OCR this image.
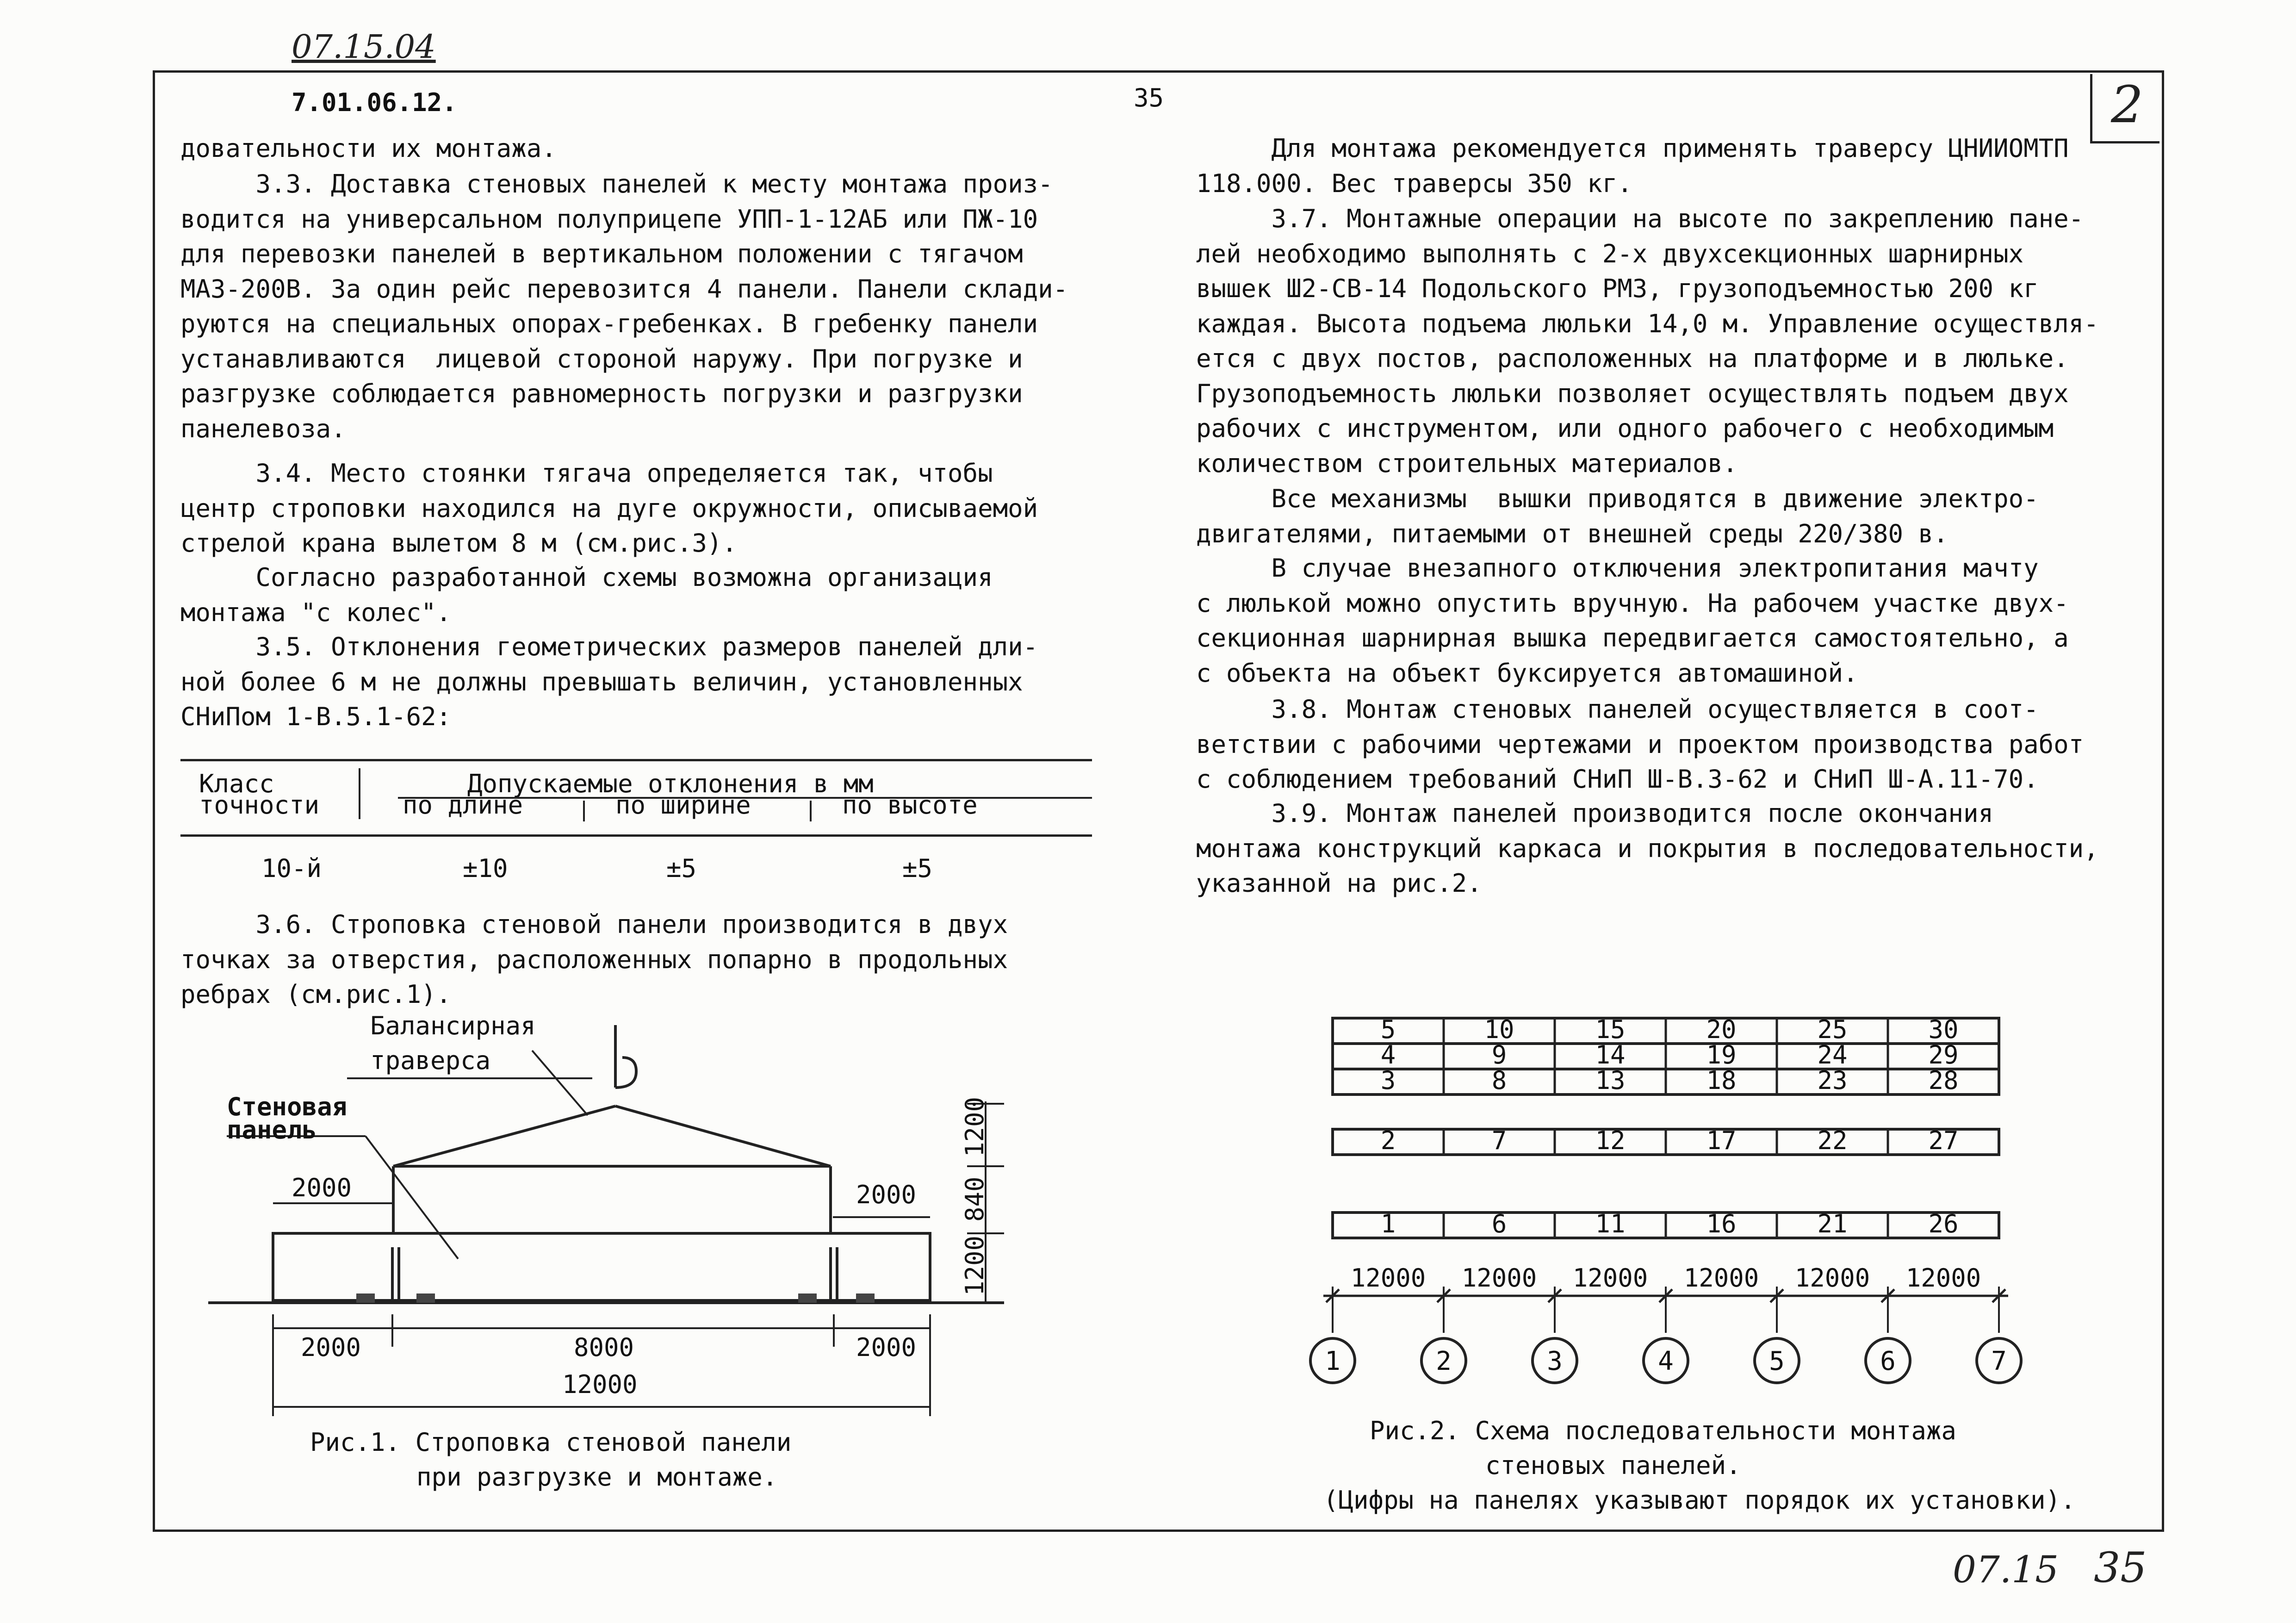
07.15.04
07.15 35
2
7.01.06.12.	35
довательности их монтажа.
3.3. Доставка стеновых панелей к месту монтажа произ-
водится на универсальном полуприцепе УПП-1-12АБ или ПЖ-10
для перевозки панелей в вертикальном положении с тягачом
МАЗ-200В. За один рейс перевозится 4 панели. Панели склади-
руются на специальных опорах-гребенках. В гребенку панели
устанавливаются  лицевой стороной наружу. При погрузке и
разгрузке соблюдается равномерность погрузки и разгрузки
панелевоза.
3.4. Место стоянки тягача определяется так, чтобы
центр строповки находился на дуге окружности, описываемой
стрелой крана вылетом 8 м (см.рис.3).
Согласно разработанной схемы возможна организация
монтажа "с колес".
3.5. Отклонения геометрических размеров панелей дли-
ной более 6 м не должны превышать величин, установленных
СНиПом 1-В.5.1-62:
Класс
точности
Допускаемые отклонения в мм
по длине	по ширине	по высоте
10-й	±10	±5	±5
3.6. Строповка стеновой панели производится в двух
точках за отверстия, расположенных попарно в продольных
ребрах (см.рис.1).
Балансирная
траверса
Стеновая
панель
2000	2000
2000	8000	2000
12000
1200
840
1200
Рис.1. Строповка стеновой панели
при разгрузке и монтаже.
Для монтажа рекомендуется применять траверсу ЦНИИОМТП
118.000. Вес траверсы 350 кг.
3.7. Монтажные операции на высоте по закреплению пане-
лей необходимо выполнять с 2-х двухсекционных шарнирных
вышек Ш2-СВ-14 Подольского РМЗ, грузоподъемностью 200 кг
каждая. Высота подъема люльки 14,0 м. Управление осуществля-
ется с двух постов, расположенных на платформе и в люльке.
Грузоподъемность люльки позволяет осуществлять подъем двух
рабочих с инструментом, или одного рабочего с необходимым
количеством строительных материалов.
Все механизмы  вышки приводятся в движение электро-
двигателями, питаемыми от внешней среды 220/380 в.
В случае внезапного отключения электропитания мачту
с люлькой можно опустить вручную. На рабочем участке двух-
секционная шарнирная вышка передвигается самостоятельно, а
с объекта на объект буксируется автомашиной.
3.8. Монтаж стеновых панелей осуществляется в соот-
ветствии с рабочими чертежами и проектом производства работ
с соблюдением требований СНиП Ш-В.3-62 и СНиП Ш-А.11-70.
3.9. Монтаж панелей производится после окончания
монтажа конструкций каркаса и покрытия в последовательности,
указанной на рис.2.
5	10	15	20	25	30
4	9	14	19	24	29
3	8	13	18	23	28
2	7	12	17	22	27
1	6	11	16	21	26
12000 12000 12000 12000 12000 12000
1	2	3	4	5	6	7
Рис.2. Схема последовательности монтажа
стеновых панелей.
(Цифры на панелях указывают порядок их установки).
